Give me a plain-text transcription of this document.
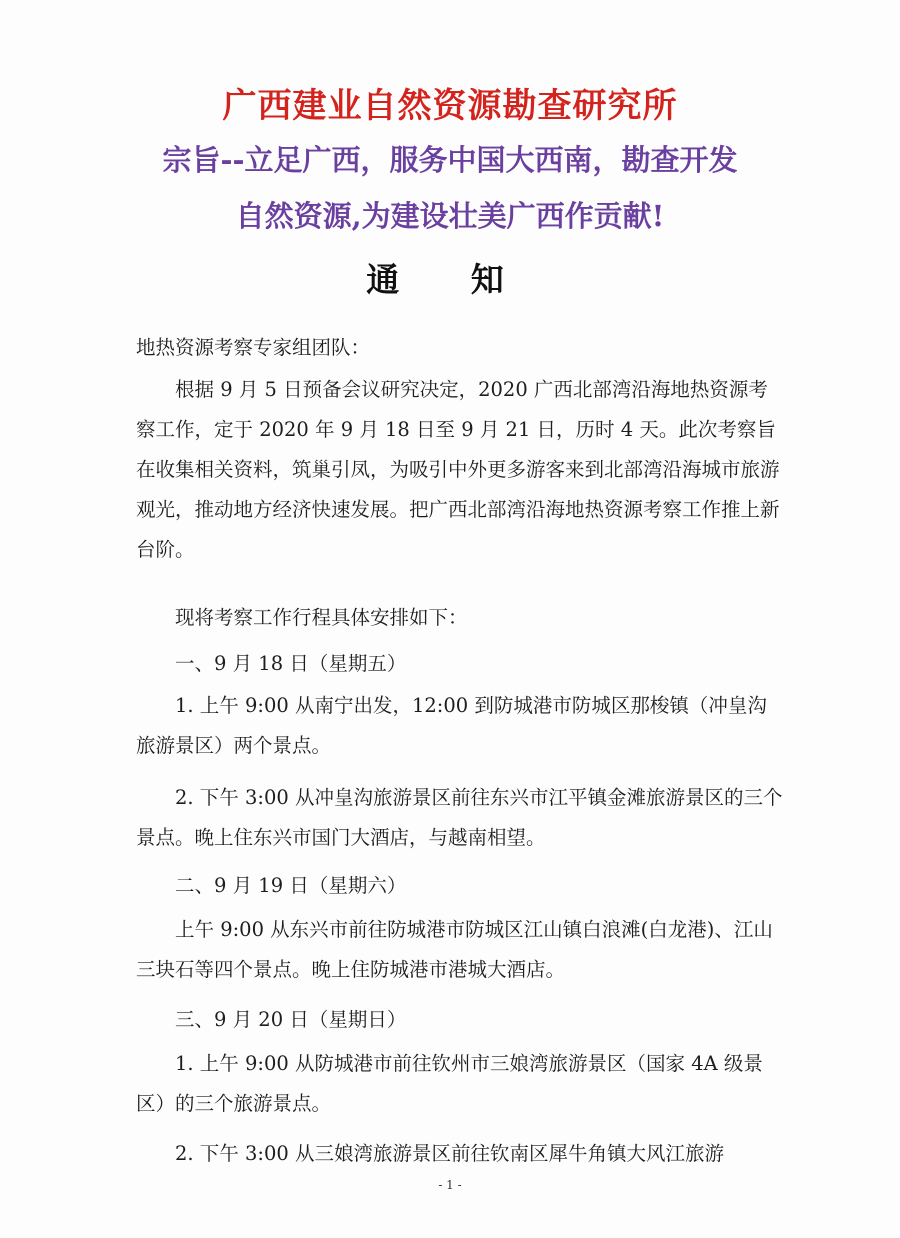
广西建业自然资源勘查研究所
宗旨--立足广西，服务中国大西南，勘查开发
自然资源,为建设壮美广西作贡献!
通 知
地热资源考察专家组团队：
根据 9 月 5 日预备会议研究决定，2020 广西北部湾沿海地热资源考察工作，定于 2020 年 9 月 18 日至 9 月 21 日，历时 4 天。此次考察旨在收集相关资料，筑巢引凤，为吸引中外更多游客来到北部湾沿海城市旅游观光，推动地方经济快速发展。把广西北部湾沿海地热资源考察工作推上新台阶。
现将考察工作行程具体安排如下：
一、9 月 18 日（星期五）
1. 上午 9:00 从南宁出发，12:00 到防城港市防城区那梭镇（冲皇沟旅游景区）两个景点。
2. 下午 3:00 从冲皇沟旅游景区前往东兴市江平镇金滩旅游景区的三个景点。晚上住东兴市国门大酒店，与越南相望。
二、9 月 19 日（星期六）
上午 9:00 从东兴市前往防城港市防城区江山镇白浪滩(白龙港)、江山三块石等四个景点。晚上住防城港市港城大酒店。
三、9 月 20 日（星期日）
1. 上午 9:00 从防城港市前往钦州市三娘湾旅游景区（国家 4A 级景区）的三个旅游景点。
2. 下午 3:00 从三娘湾旅游景区前往钦南区犀牛角镇大风江旅游
- 1 -
